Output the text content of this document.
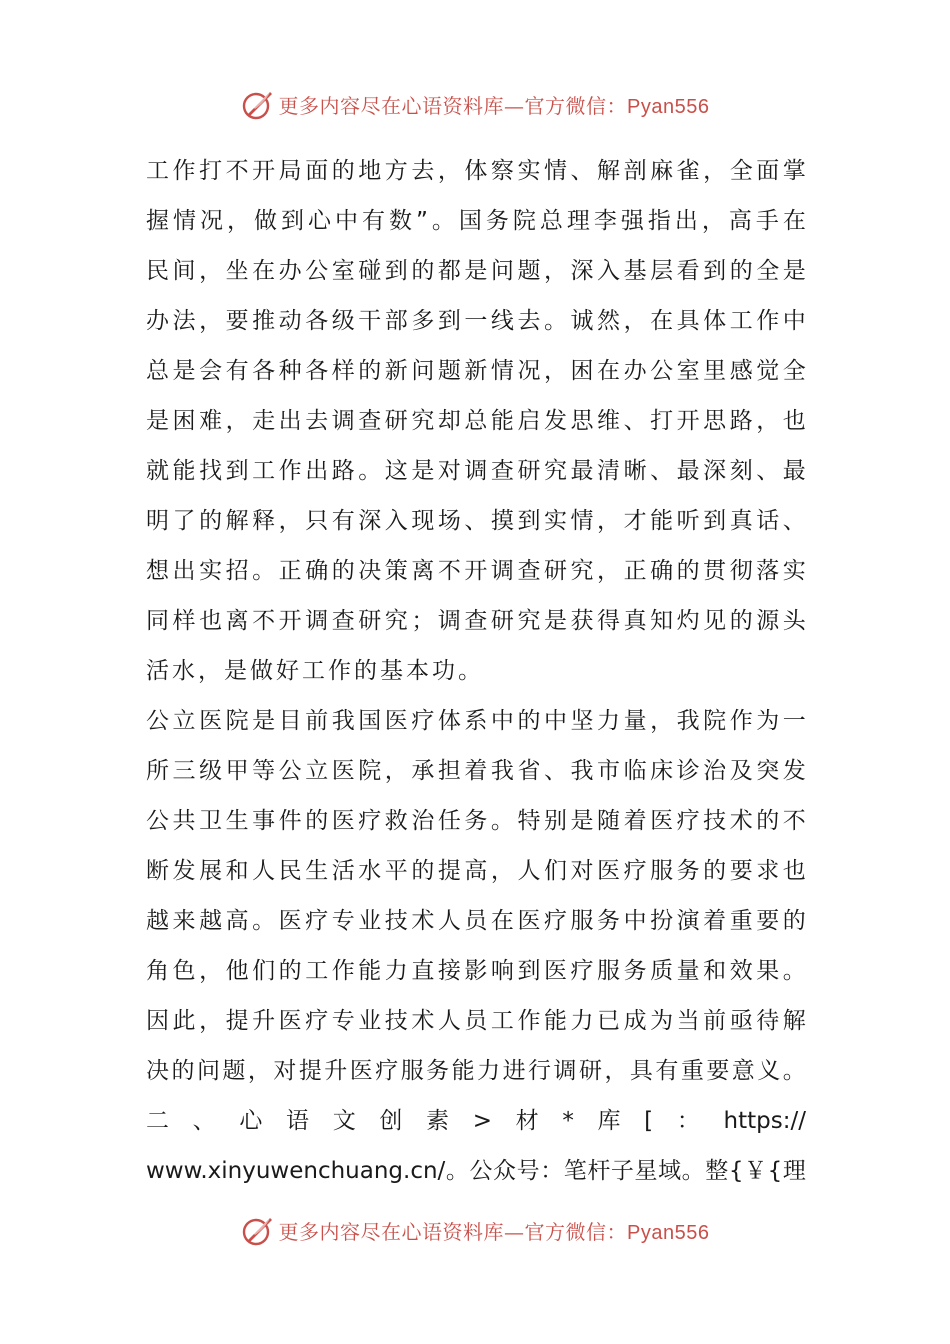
更多内容尽在心语资料库—官方微信：Pyan556
工 作 打 不 开 局 面 的 地 方 去 ， 体 察 实 情 、 解 剖 麻 雀 ， 全 面 掌
握 情 况 ， 做 到 心 中 有 数 ” 。 国 务 院 总 理 李 强 指 出 ， 高 手 在
民 间 ， 坐 在 办 公 室 碰 到 的 都 是 问 题 ， 深 入 基 层 看 到 的 全 是
办 法 ， 要 推 动 各 级 干 部 多 到 一 线 去 。 诚 然 ， 在 具 体 工 作 中
总 是 会 有 各 种 各 样 的 新 问 题 新 情 况 ， 困 在 办 公 室 里 感 觉 全
是 困 难 ， 走 出 去 调 查 研 究 却 总 能 启 发 思 维 、 打 开 思 路 ， 也
就 能 找 到 工 作 出 路 。 这 是 对 调 查 研 究 最 清 晰 、 最 深 刻 、 最
明 了 的 解 释 ， 只 有 深 入 现 场 、 摸 到 实 情 ， 才 能 听 到 真 话 、
想 出 实 招 。 正 确 的 决 策 离 不 开 调 查 研 究 ， 正 确 的 贯 彻 落 实
同 样 也 离 不 开 调 查 研 究 ； 调 查 研 究 是 获 得 真 知 灼 见 的 源 头
活水，是做好工作的基本功。
公 立 医 院 是 目 前 我 国 医 疗 体 系 中 的 中 坚 力 量 ， 我 院 作 为 一
所 三 级 甲 等 公 立 医 院 ， 承 担 着 我 省 、 我 市 临 床 诊 治 及 突 发
公 共 卫 生 事 件 的 医 疗 救 治 任 务 。 特 别 是 随 着 医 疗 技 术 的 不
断 发 展 和 人 民 生 活 水 平 的 提 高 ， 人 们 对 医 疗 服 务 的 要 求 也
越 来 越 高 。 医 疗 专 业 技 术 人 员 在 医 疗 服 务 中 扮 演 着 重 要 的
角 色 ， 他 们 的 工 作 能 力 直 接 影 响 到 医 疗 服 务 质 量 和 效 果 。
因 此 ， 提 升 医 疗 专 业 技 术 人 员 工 作 能 力 已 成 为 当 前 亟 待 解
决 的 问 题 ， 对 提 升 医 疗 服 务 能 力 进 行 调 研 ， 具 有 重 要 意 义 。
二 、 心 语 文 创 素 > 材 * 库 [ ： https://
www.xinyuwenchuang.cn/ 。 公 众 号 ： 笔 杆 子 星 域 。 整 { ￥ { 理
更多内容尽在心语资料库—官方微信：Pyan556
